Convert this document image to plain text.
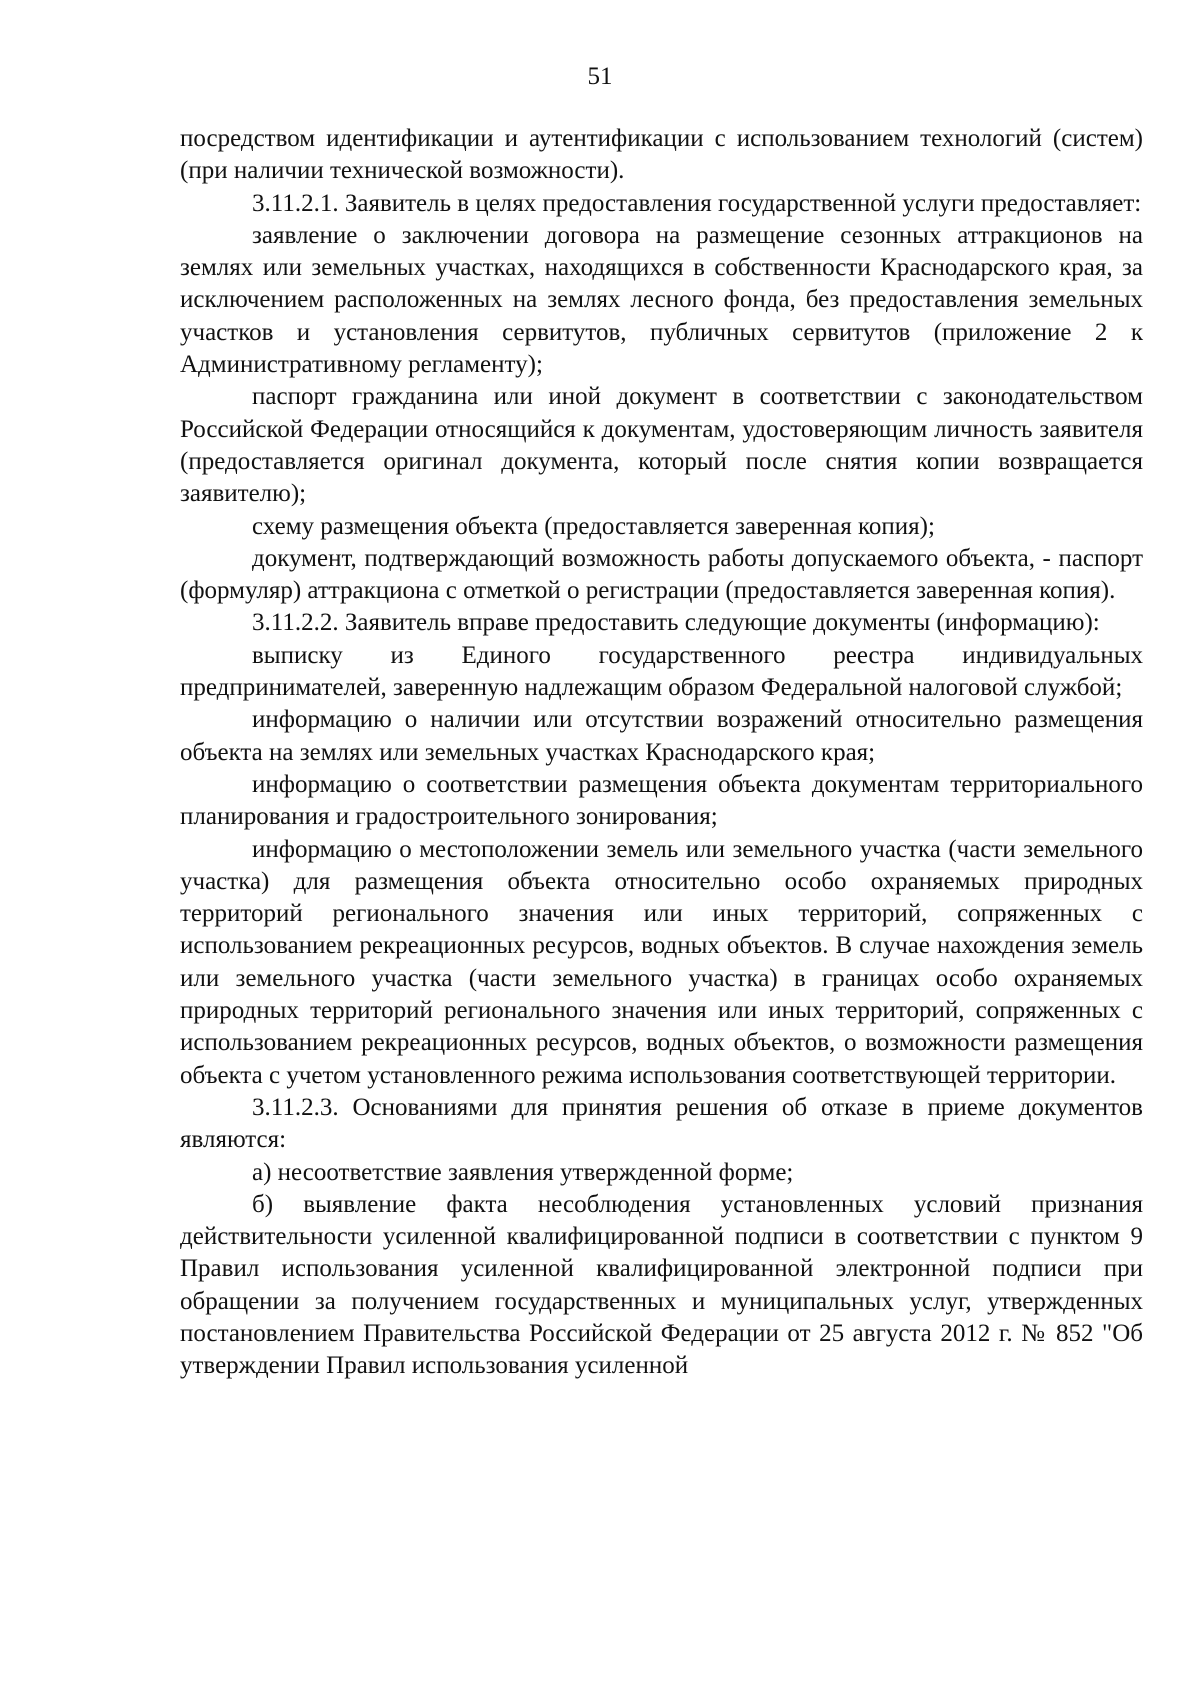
51

посредством идентификации и аутентификации с использованием технологий (систем) (при наличии технической возможности).

3.11.2.1. Заявитель в целях предоставления государственной услуги предоставляет:

заявление о заключении договора на размещение сезонных аттракционов на землях или земельных участках, находящихся в собственности Краснодарского края, за исключением расположенных на землях лесного фонда, без предоставления земельных участков и установления сервитутов, публичных сервитутов (приложение 2 к Административному регламенту);

паспорт гражданина или иной документ в соответствии с законодательством Российской Федерации относящийся к документам, удостоверяющим личность заявителя (предоставляется оригинал документа, который после снятия копии возвращается заявителю);

схему размещения объекта (предоставляется заверенная копия);

документ, подтверждающий возможность работы допускаемого объекта, - паспорт (формуляр) аттракциона с отметкой о регистрации (предоставляется заверенная копия).

3.11.2.2. Заявитель вправе предоставить следующие документы (информацию):

выписку из Единого государственного реестра индивидуальных предпринимателей, заверенную надлежащим образом Федеральной налоговой службой;

информацию о наличии или отсутствии возражений относительно размещения объекта на землях или земельных участках Краснодарского края;

информацию о соответствии размещения объекта документам территориального планирования и градостроительного зонирования;

информацию о местоположении земель или земельного участка (части земельного участка) для размещения объекта относительно особо охраняемых природных территорий регионального значения или иных территорий, сопряженных с использованием рекреационных ресурсов, водных объектов. В случае нахождения земель или земельного участка (части земельного участка) в границах особо охраняемых природных территорий регионального значения или иных территорий, сопряженных с использованием рекреационных ресурсов, водных объектов, о возможности размещения объекта с учетом установленного режима использования соответствующей территории.

3.11.2.3. Основаниями для принятия решения об отказе в приеме документов являются:

а) несоответствие заявления утвержденной форме;

б) выявление факта несоблюдения установленных условий признания действительности усиленной квалифицированной подписи в соответствии с пунктом 9 Правил использования усиленной квалифицированной электронной подписи при обращении за получением государственных и муниципальных услуг, утвержденных постановлением Правительства Российской Федерации от 25 августа 2012 г. № 852 "Об утверждении Правил использования усиленной
